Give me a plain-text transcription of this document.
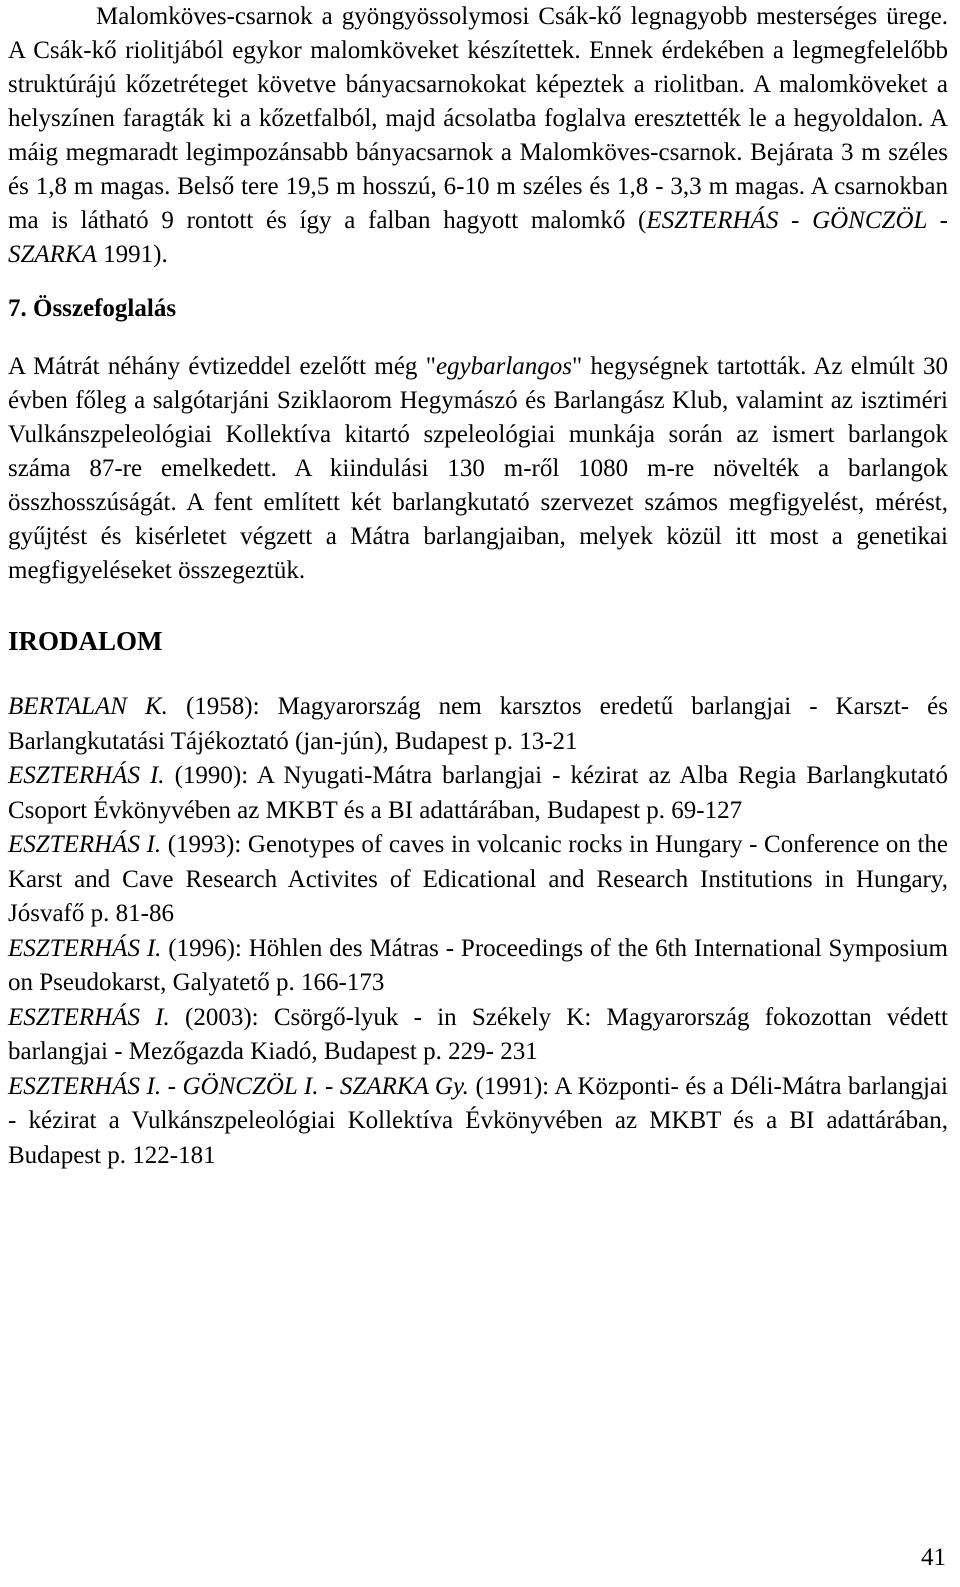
Malomköves-csarnok a gyöngyössolymosi Csák-kő legnagyobb mesterséges ürege. A Csák-kő riolitjából egykor malomköveket készítettek. Ennek érdekében a legmegfelelőbb struktúrájú kőzetréteget követve bányacsarnokokat képeztek a riolitban. A malomköveket a helyszínen faragták ki a kőzetfalból, majd ácsolatba foglalva eresztették le a hegyoldalon. A máig megmaradt legimpozánsabb bányacsarnok a Malomköves-csarnok. Bejárata 3 m széles és 1,8 m magas. Belső tere 19,5 m hosszú, 6-10 m széles és 1,8 - 3,3 m magas. A csarnokban ma is látható 9 rontott és így a falban hagyott malomkő (ESZTERHÁS - GÖNCZÖL - SZARKA 1991).

7. Összefoglalás

A Mátrát néhány évtizeddel ezelőtt még "egybarlangos" hegységnek tartották. Az elmúlt 30 évben főleg a salgótarjáni Sziklaorom Hegymászó és Barlangász Klub, valamint az isztiméri Vulkánszpeleológiai Kollektíva kitartó szpeleológiai munkája során az ismert barlangok száma 87-re emelkedett. A kiindulási 130 m-ről 1080 m-re növelték a barlangok összhosszúságát. A fent említett két barlangkutató szervezet számos megfigyelést, mérést, gyűjtést és kisérletet végzett a Mátra barlangjaiban, melyek közül itt most a genetikai megfigyeléseket összegeztük.

IRODALOM

BERTALAN K. (1958): Magyarország nem karsztos eredetű barlangjai - Karszt- és Barlangkutatási Tájékoztató (jan-jún), Budapest p. 13-21

ESZTERHÁS I. (1990): A Nyugati-Mátra barlangjai - kézirat az Alba Regia Barlangkutató Csoport Évkönyvében az MKBT és a BI adattárában, Budapest p. 69-127

ESZTERHÁS I. (1993): Genotypes of caves in volcanic rocks in Hungary - Conference on the Karst and Cave Research Activites of Edicational and Research Institutions in Hungary, Jósvafő p. 81-86

ESZTERHÁS I. (1996): Höhlen des Mátras - Proceedings of the 6th International Symposium on Pseudokarst, Galyatető p. 166-173

ESZTERHÁS I. (2003): Csörgő-lyuk - in Székely K: Magyarország fokozottan védett barlangjai - Mezőgazda Kiadó, Budapest p. 229- 231

ESZTERHÁS I. - GÖNCZÖL I. - SZARKA Gy. (1991): A Központi- és a Déli-Mátra barlangjai - kézirat a Vulkánszpeleológiai Kollektíva Évkönyvében az MKBT és a BI adattárában, Budapest p. 122-181

41
